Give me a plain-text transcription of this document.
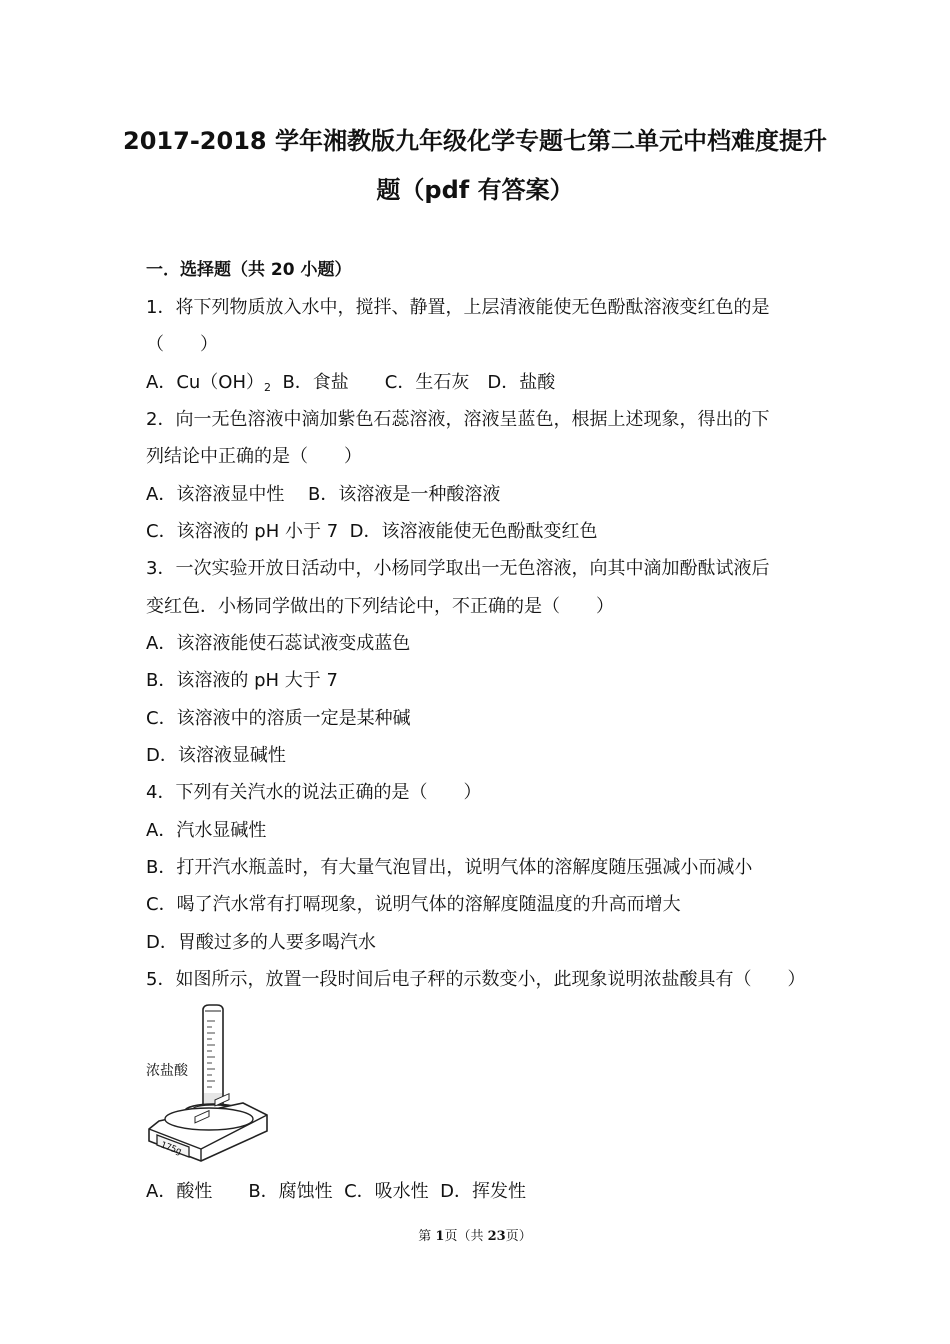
2017-2018 学年湘教版九年级化学专题七第二单元中档难度提升
题（pdf 有答案）
一．选择题（共 20 小题）
1．将下列物质放入水中，搅拌、静置，上层清液能使无色酚酞溶液变红色的是
（　　）
A．$Cu(OH)_2$  B．食盐　　C．生石灰　D．盐酸
2．向一无色溶液中滴加紫色石蕊溶液，溶液呈蓝色，根据上述现象，得出的下
列结论中正确的是（　　）
A．该溶液显中性　 B．该溶液是一种酸溶液
C．该溶液的 pH 小于 7  D．该溶液能使无色酚酞变红色
3．一次实验开放日活动中，小杨同学取出一无色溶液，向其中滴加酚酞试液后
变红色．小杨同学做出的下列结论中，不正确的是（　　）
A．该溶液能使石蕊试液变成蓝色
B．该溶液的 pH 大于 7
C．该溶液中的溶质一定是某种碱
D．该溶液显碱性
4．下列有关汽水的说法正确的是（　　）
A．汽水显碱性
B．打开汽水瓶盖时，有大量气泡冒出，说明气体的溶解度随压强减小而减小
C．喝了汽水常有打嗝现象，说明气体的溶解度随温度的升高而增大
D．胃酸过多的人要多喝汽水
5．如图所示，放置一段时间后电子秤的示数变小，此现象说明浓盐酸具有（　　）
175g
浓盐酸
A．酸性　　B．腐蚀性  C．吸水性  D．挥发性
第 1页（共 23页）
